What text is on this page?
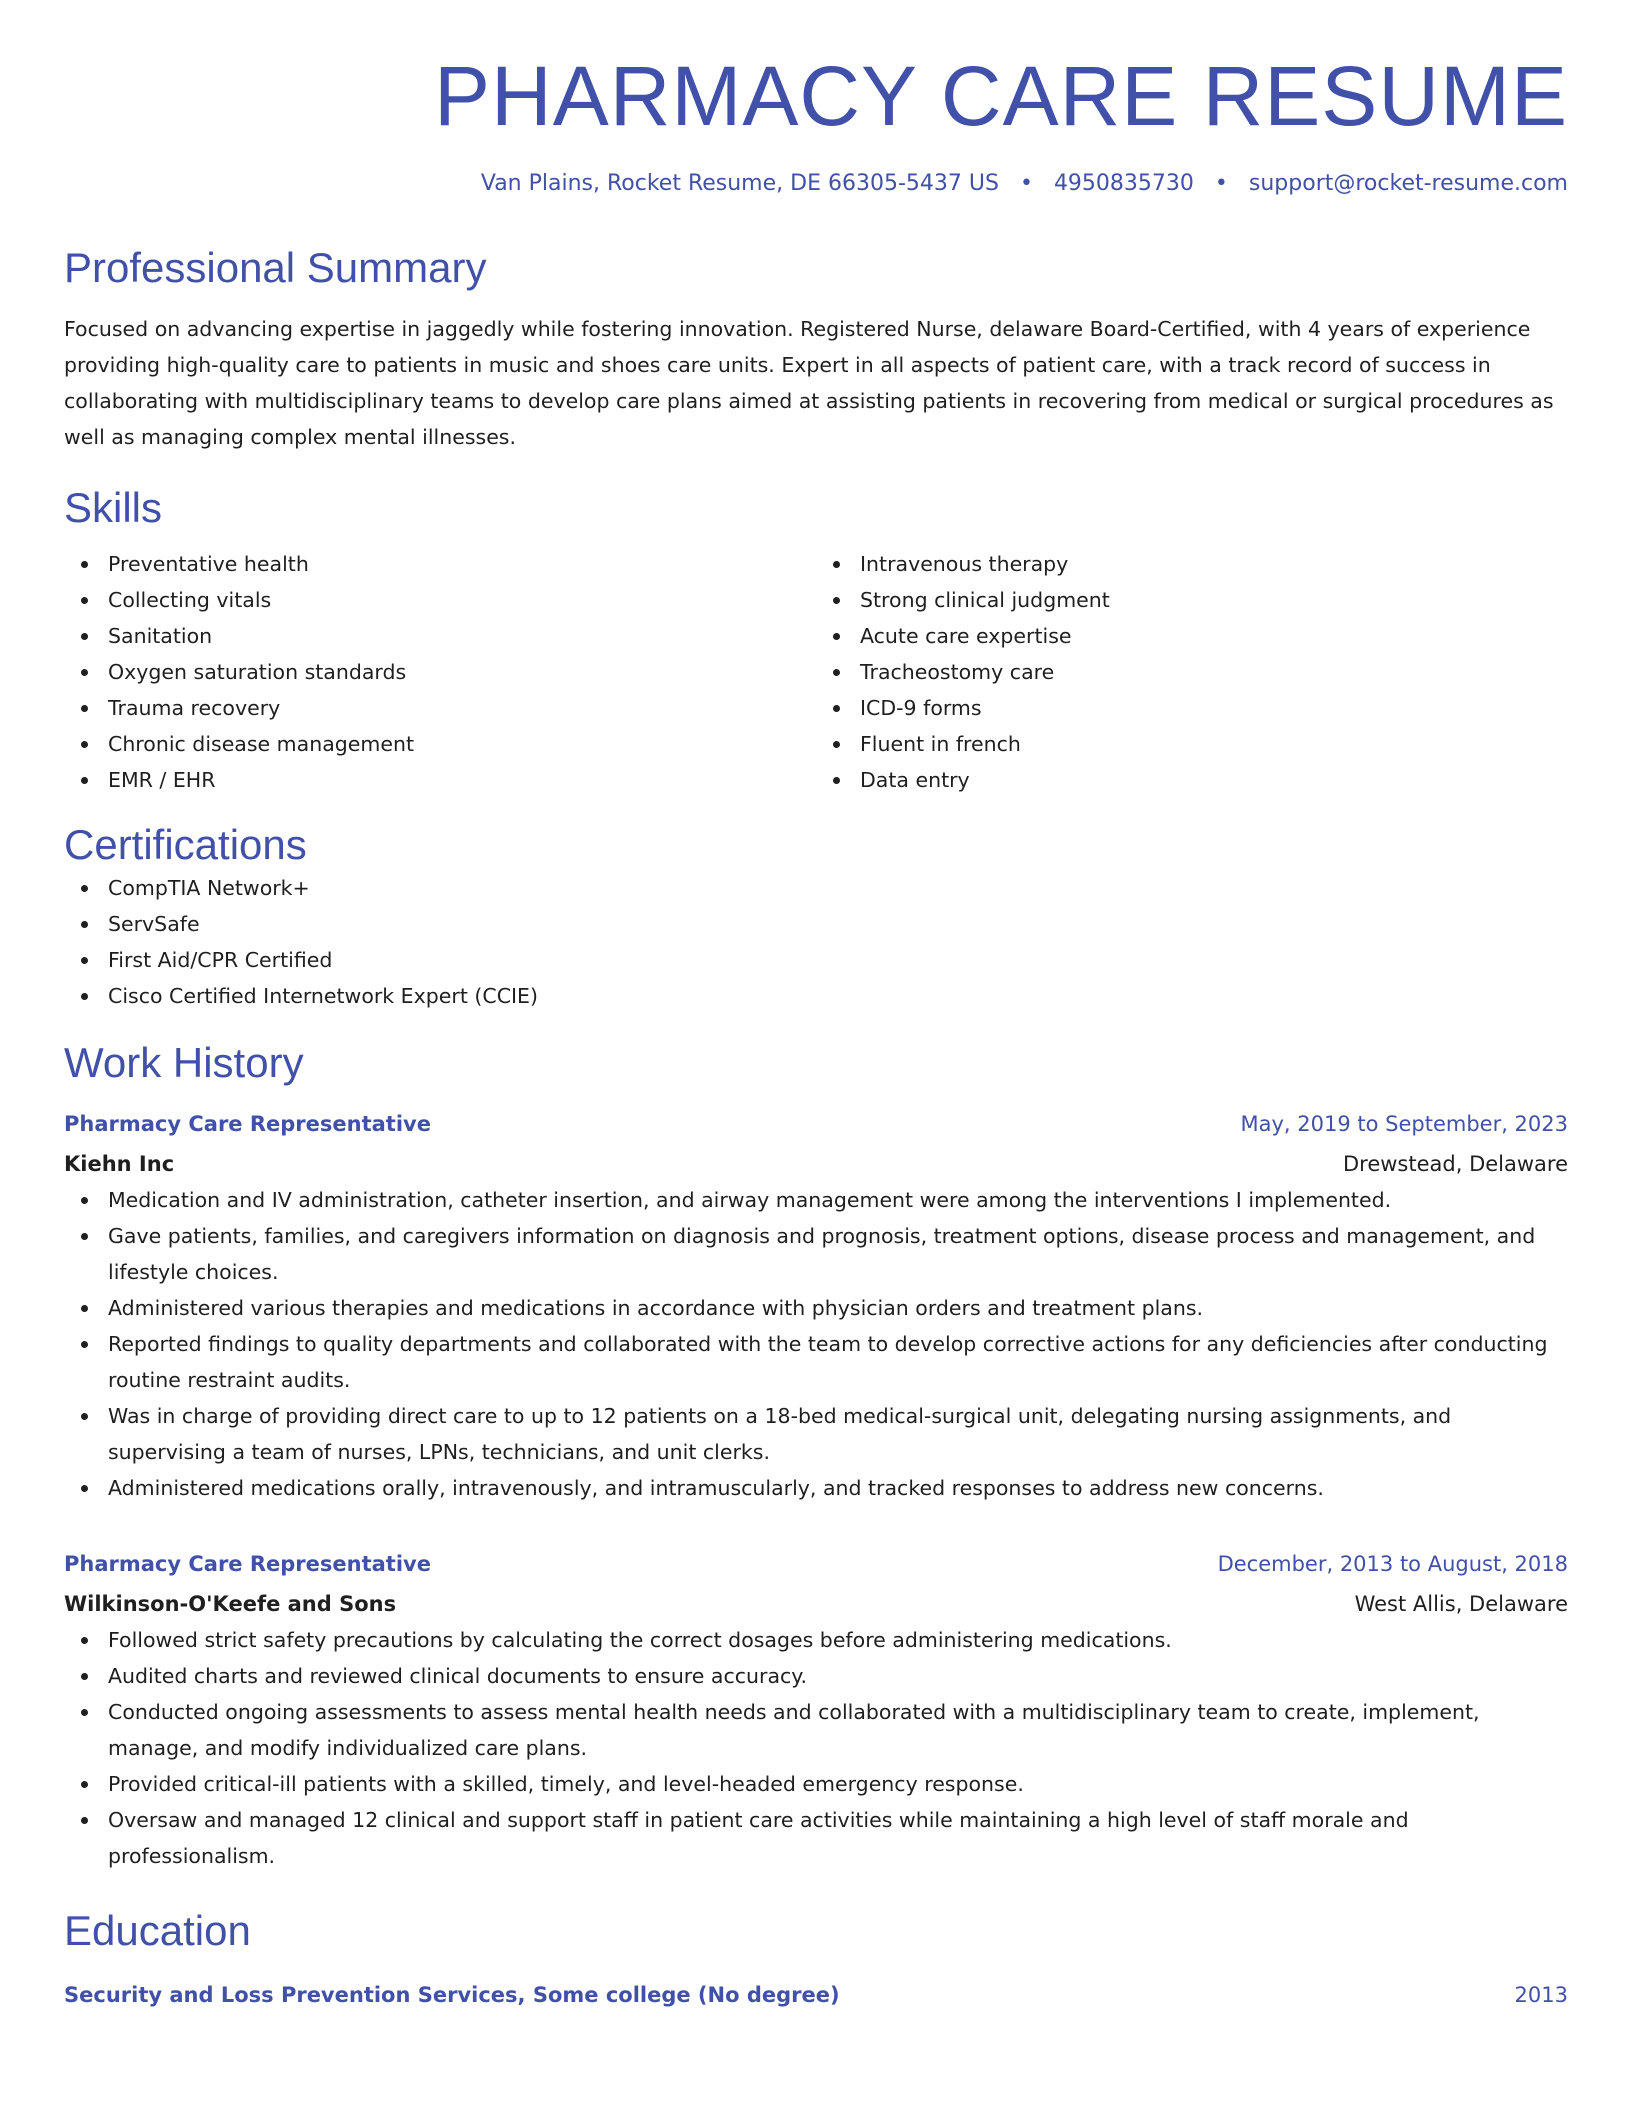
PHARMACY CARE RESUME
Van Plains, Rocket Resume, DE 66305-5437 US • 4950835730 • support@rocket-resume.com
Professional Summary

Focused on advancing expertise in jaggedly while fostering innovation. Registered Nurse, delaware Board-Certified, with 4 years of experience providing high-quality care to patients in music and shoes care units. Expert in all aspects of patient care, with a track record of success in collaborating with multidisciplinary teams to develop care plans aimed at assisting patients in recovering from medical or surgical procedures as well as managing complex mental illnesses.

Skills
Preventative health
Collecting vitals
Sanitation
Oxygen saturation standards
Trauma recovery
Chronic disease management
EMR / EHR
Intravenous therapy
Strong clinical judgment
Acute care expertise
Tracheostomy care
ICD-9 forms
Fluent in french
Data entry
Certifications
CompTIA Network+
ServSafe
First Aid/CPR Certified
Cisco Certified Internetwork Expert (CCIE)
Work History
Pharmacy Care Representative	May, 2019 to September, 2023
Kiehn Inc	Drewstead, Delaware
Medication and IV administration, catheter insertion, and airway management were among the interventions I implemented.
Gave patients, families, and caregivers information on diagnosis and prognosis, treatment options, disease process and management, and lifestyle choices.
Administered various therapies and medications in accordance with physician orders and treatment plans.
Reported findings to quality departments and collaborated with the team to develop corrective actions for any deficiencies after conducting routine restraint audits.
Was in charge of providing direct care to up to 12 patients on a 18-bed medical-surgical unit, delegating nursing assignments, and supervising a team of nurses, LPNs, technicians, and unit clerks.
Administered medications orally, intravenously, and intramuscularly, and tracked responses to address new concerns.
Pharmacy Care Representative	December, 2013 to August, 2018
Wilkinson-O'Keefe and Sons	West Allis, Delaware
Followed strict safety precautions by calculating the correct dosages before administering medications.
Audited charts and reviewed clinical documents to ensure accuracy.
Conducted ongoing assessments to assess mental health needs and collaborated with a multidisciplinary team to create, implement, manage, and modify individualized care plans.
Provided critical-ill patients with a skilled, timely, and level-headed emergency response.
Oversaw and managed 12 clinical and support staff in patient care activities while maintaining a high level of staff morale and professionalism.
Education
Security and Loss Prevention Services, Some college (No degree)	2013
